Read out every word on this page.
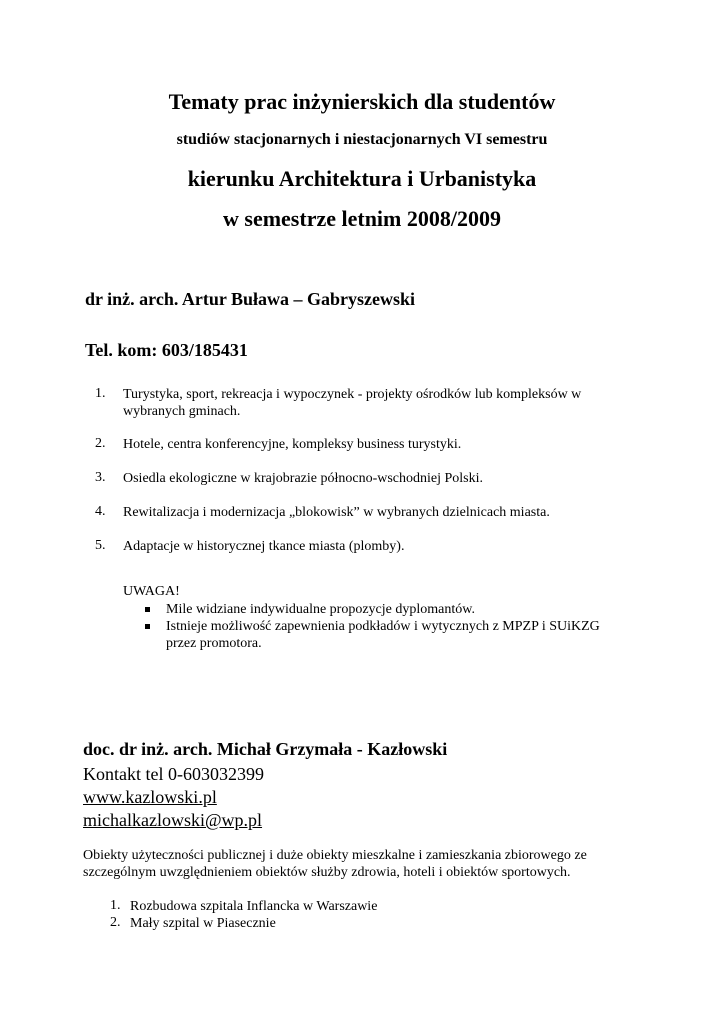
Tematy prac inżynierskich dla studentów
studiów stacjonarnych i niestacjonarnych VI semestru
kierunku Architektura i Urbanistyka
w semestrze letnim 2008/2009
dr inż. arch. Artur Buława – Gabryszewski
Tel. kom: 603/185431
1. Turystyka, sport, rekreacja i wypoczynek - projekty ośrodków lub kompleksów w wybranych gminach.
2. Hotele, centra konferencyjne, kompleksy business turystyki.
3. Osiedla ekologiczne w krajobrazie północno-wschodniej Polski.
4. Rewitalizacja i modernizacja „blokowisk” w wybranych dzielnicach miasta.
5. Adaptacje w historycznej tkance miasta (plomby).
UWAGA!
Mile widziane indywidualne propozycje dyplomantów.
Istnieje możliwość zapewnienia podkładów i wytycznych z MPZP i SUiKZG
przez promotora.
doc. dr inż. arch. Michał Grzymała - Kazłowski
Kontakt tel 0-603032399
www.kazlowski.pl
michalkazlowski@wp.pl
Obiekty użyteczności publicznej i duże obiekty mieszkalne i zamieszkania zbiorowego ze szczególnym uwzględnieniem obiektów służby zdrowia, hoteli i obiektów sportowych.
1. Rozbudowa szpitala Inflancka w Warszawie
2. Mały szpital w Piasecznie
